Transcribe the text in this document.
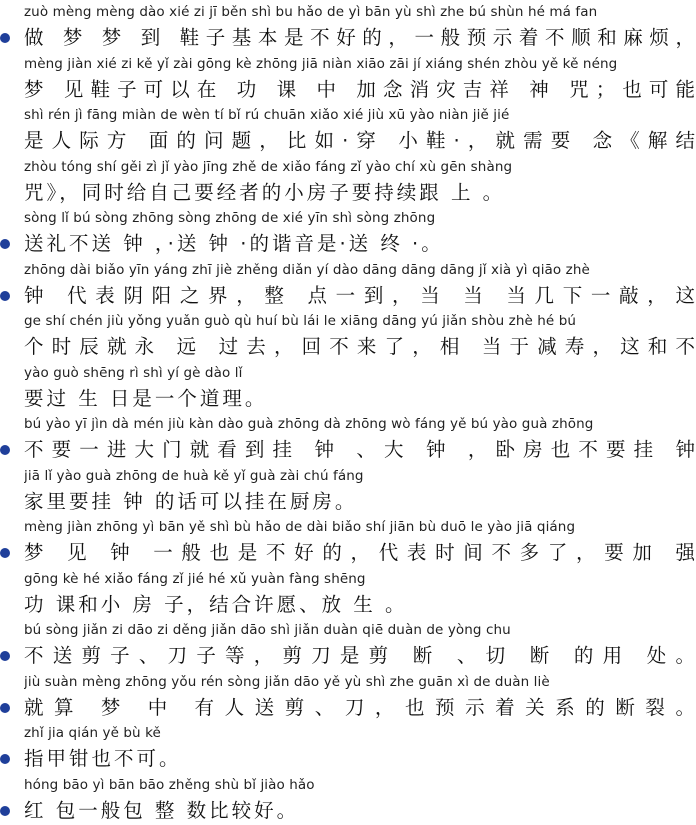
zuò mèng mèng dào xié zi jī běn shì bu hǎo de yì bān yù shì zhe bú shùn hé má fan
做 梦 梦 到 鞋子基本是不好的，一般预示着不顺和麻烦，
mèng jiàn xié zi kě yǐ zài gōng kè zhōng jiā niàn xiāo zāi jí xiáng shén zhòu yě kě néng
梦 见鞋子可以在 功 课 中 加念消灾吉祥 神 咒；也可能
shì rén jì fāng miàn de wèn tí bǐ rú chuān xiǎo xié jiù xū yào niàn jiě jié
是人际方 面的问题，比如·穿 小鞋·，就需要 念《解结
zhòu tóng shí gěi zì jǐ yào jīng zhě de xiǎo fáng zǐ yào chí xù gēn shàng
咒》，同时给自己要经者的小房子要持续跟 上 。
sòng lǐ bú sòng zhōng sòng zhōng de xié yīn shì sòng zhōng
送礼不送 钟 ，·送 钟 ·的谐音是·送 终 ·。
zhōng dài biǎo yīn yáng zhī jiè zhěng diǎn yí dào dāng dāng dāng jǐ xià yì qiāo zhè
钟 代表阴阳之界，整 点一到，当 当 当几下一敲，这
ge shí chén jiù yǒng yuǎn guò qù huí bù lái le xiāng dāng yú jiǎn shòu zhè hé bú
个时辰就永 远 过去，回不来了，相 当于减寿，这和不
yào guò shēng rì shì yí gè dào lǐ
要过 生 日是一个道理。
bú yào yī jìn dà mén jiù kàn dào guà zhōng dà zhōng wò fáng yě bú yào guà zhōng
不要一进大门就看到挂 钟 、大 钟 ，卧房也不要挂 钟
jiā lǐ yào guà zhōng de huà kě yǐ guà zài chú fáng
家里要挂 钟 的话可以挂在厨房。
mèng jiàn zhōng yì bān yě shì bù hǎo de dài biǎo shí jiān bù duō le yào jiā qiáng
梦 见 钟 一般也是不好的，代表时间不多了，要加 强
gōng kè hé xiǎo fáng zǐ jié hé xǔ yuàn fàng shēng
功 课和小 房 子，结合许愿、放 生 。
bú sòng jiǎn zi dāo zi děng jiǎn dāo shì jiǎn duàn qiē duàn de yòng chu
不送剪子、刀子等，剪刀是剪 断 、切 断 的用 处。
jiù suàn mèng zhōng yǒu rén sòng jiǎn dāo yě yù shì zhe guān xì de duàn liè
就算 梦 中 有人送剪、刀，也预示着关系的断裂。
zhǐ jia qián yě bù kě
指甲钳也不可。
hóng bāo yì bān bāo zhěng shù bǐ jiào hǎo
红 包一般包 整 数比较好。
